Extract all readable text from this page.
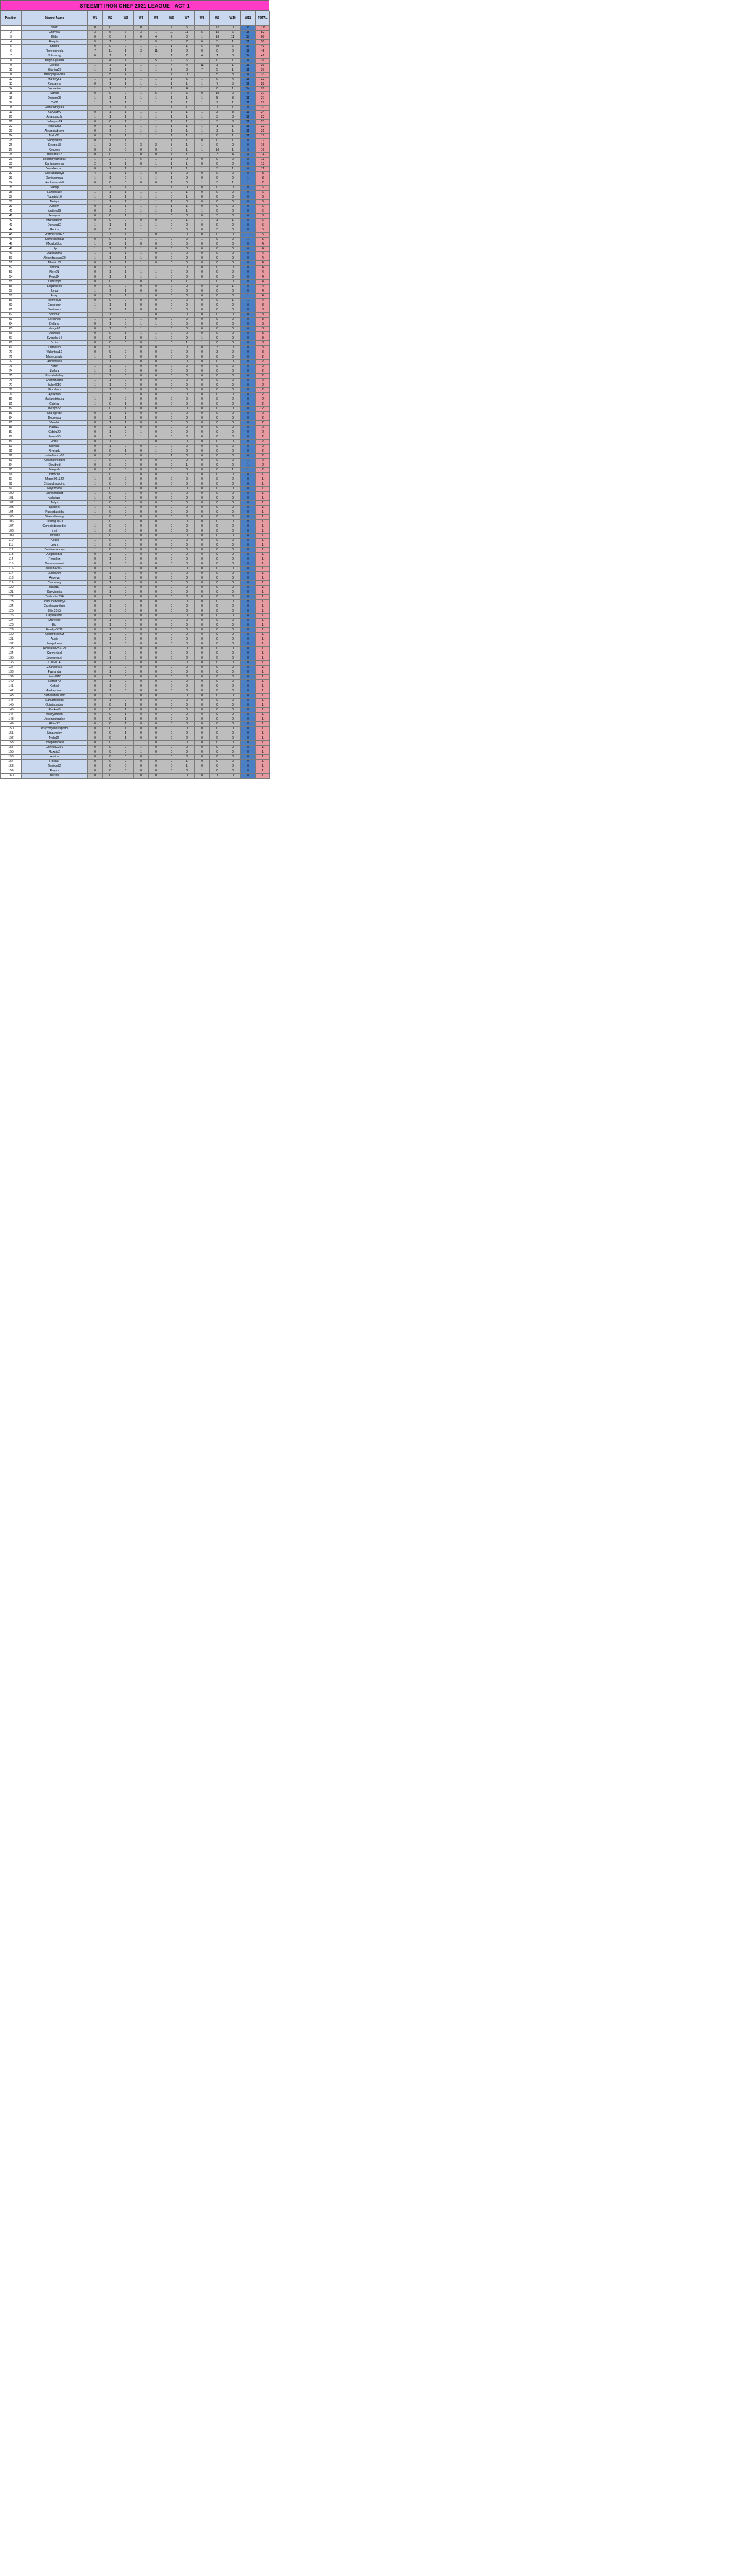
STEEMIT IRON CHEF 2021 LEAGUE - ACT 1
Position	Steemit Name	W1	W2	W3	W4	W5	W6	W7	W8	W9	W10	W11	TOTAL
1	Niven	11	11	11	11	7	7	5	7	12	11	15	108
2	Crisvera	3	6	6	3	1	11	11	5	15	6	15	82
3	Elide	0	0	7	6	4	2	0	1	10	11	17	60
4	Roquiro	5	1	5	1	5	5	7	6	3	1	11	50
5	Sithara	0	0	0	1	1	1	1	6	20	6	13	49
6	Reneepineda	7	11	1	3	11	1	0	0	0	0	11	45
7	Yolimarag	6	1	1	1	1	1	7	4	1	3	14	42
8	Brigida-guerra	1	4	1	7	5	2	6	1	0	1	11	39
9	Joelgui	1	1	1	1	1	4	4	11	3	1	11	39
10	Elianisa09	1	1	1	1	1	2	8	7	5	1	11	37
11	Heedysguevara	1	5	4	1	1	1	0	1	5	3	11	33
12	Marcelys1	1	1	1	1	1	1	5	1	0	4	18	32
13	Rossanna	0	1	1	1	1	1	1	1	7	5	11	28
14	Decuartae	1	1	3	1	1	1	4	1	0	1	14	28
15	Sanuri	0	0	0	1	5	6	5	0	10	0	0	27
16	Dulcem05	1	1	1	1	1	1	1	1	5	3	11	27
17	Yri02	1	1	1	1	1	1	1	1	7	1	11	27
18	Petrarodriguez	1	1	1	1	1	1	1	1	7	1	11	27
19	Karykathy	0	1	1	1	1	1	1	1	3	8	11	24
20	Anandavzla	1	1	1	1	1	1	1	1	3	3	11	23
21	Jobreyes24	0	0	1	1	1	1	1	1	3	3	11	23
22	Irene1983	0	1	1	1	1	1	1	1	1	1	11	22
23	Alejandrabravo	0	1	0	1	1	1	1	1	3	1	11	21
24	Naka05	0	1	1	1	1	1	1	1	0	1	11	19
25	Samynathy	0	1	1	1	1	1	1	0	0	1	11	17
26	Kejopo13	1	3	2	3	2	3	1	1	0	0	0	16
27	Keydoce	0	0	0	0	0	0	1	1	10	1	3	16
28	Beautiful12	0	0	0	0	0	1	1	1	3	4	4	14
29	Rosmerysanchez	1	2	2	6	1	1	0	0	0	0	0	13
30	Karianaporras	2	1	1	6	1	1	1	0	0	0	0	13
31	Yonalkeruso	0	1	1	1	1	1	1	1	3	1	0	11
32	Chetanpadliya	4	1	1	1	0	1	0	0	0	0	0	8
33	Denissemata	1	1	2	1	1	1	0	0	0	0	1	8
34	Andreinasub9	0	0	0	0	0	1	0	1	3	1	1	7
35	Sabrip	1	1	1	1	1	1	0	0	0	0	0	6
36	Luzdelvalle	1	1	1	1	1	0	1	0	0	0	0	6
37	Yudetsis16	1	1	1	1	1	0	1	0	0	0	0	6
38	Meivys	1	1	1	1	1	1	0	0	0	0	0	6
39	Astilem	0	1	1	1	1	1	1	0	0	0	0	6
40	Andrea89	0	1	0	1	1	1	1	1	0	0	0	6
41	Jennyzer	0	0	1	1	1	0	0	0	3	0	0	6
42	Maricorbeth	0	0	0	0	0	0	1	1	3	1	0	6
43	Dayana82	1	1	1	1	1	0	0	0	0	0	0	5
44	Genice	0	0	1	1	1	0	0	0	3	0	0	5
45	Franciscana23	1	1	1	1	0	0	0	0	0	0	1	5
46	Kumikosenpai	0	0	1	1	1	0	0	1	0	0	1	5
47	Midulceblog	1	2	1	0	0	0	0	0	0	0	0	4
48	Lilip	1	1	1	1	0	0	0	0	0	0	0	4
49	Auxiliadora	1	1	1	1	0	0	0	0	0	0	0	4
50	Alejandrasalas20	1	1	1	1	0	0	0	0	0	0	0	4
51	Marivic10	0	1	1	1	0	0	0	0	0	0	0	4
52	Yibril84	0	1	1	1	1	0	0	0	0	0	0	4
53	Nore21	0	1	1	1	1	0	0	0	0	0	0	4
54	Pepo84	0	1	1	1	1	0	0	0	0	0	0	4
55	Denismyt	0	0	0	0	1	1	1	1	0	0	0	4
56	Edgarale80	0	0	0	0	0	0	0	0	3	1	0	4
57	Jorqui	1	1	1	0	0	0	0	0	0	0	0	4
58	Analp	0	1	1	1	0	0	0	0	0	0	1	4
59	Romelli05	0	0	0	0	0	0	0	0	0	1	1	4
60	Graceleon	1	1	1	0	0	0	0	0	0	0	0	3
61	Oneldoors	1	1	1	0	0	0	0	0	0	0	0	3
62	Sonimar	1	1	0	1	0	0	0	0	0	0	0	3
63	Lorennys	1	1	0	1	0	0	0	0	0	0	0	3
64	Bellana	0	1	0	1	1	0	0	0	0	0	0	3
65	Marge62	0	1	0	1	1	0	0	0	0	0	0	3
66	Jsamael	0	0	1	1	1	0	0	0	0	0	0	3
67	Evasolar14	0	0	1	0	1	0	0	1	0	0	0	3
68	Drhira	0	0	0	0	1	0	1	1	0	0	0	3
69	Danielish	0	0	0	0	0	0	0	0	3	0	0	3
70	Valentina10	0	0	0	0	0	0	0	0	3	0	0	3
71	Mayepariata	1	1	0	0	0	0	0	0	0	0	0	2
72	Annwiswell	1	1	0	0	0	0	0	0	0	0	0	2
73	Njireh	1	1	0	0	0	0	0	0	0	0	0	2
74	Zorlara	1	1	0	0	0	0	0	0	0	0	0	2
75	Korsahshirley	1	1	0	0	0	0	0	0	0	0	0	2
76	Sharifanamin	1	1	0	0	0	0	0	0	0	0	0	2
77	Zulay7059	1	1	0	0	0	0	0	0	0	0	0	2
78	Fiorellam	1	1	0	0	0	0	0	0	0	0	0	2
79	Ajosefina	1	1	0	0	0	0	0	0	0	0	0	2
80	Mariarodriguez	1	1	0	0	0	0	0	0	0	0	0	2
81	Caleiny	1	0	1	0	0	0	0	0	0	0	0	2
82	Betsyb22	1	0	1	0	0	0	0	0	0	0	0	2
83	Dra.kgerde	0	1	1	0	0	0	0	0	0	0	0	2
84	Dobleapg	0	1	1	0	0	0	0	0	0	0	0	2
85	Vanelol	0	1	1	0	0	0	0	0	0	0	0	2
86	Kami19	0	1	1	0	0	0	0	0	0	0	0	2
87	Gabiru20	0	1	0	1	0	0	0	0	0	0	0	2
88	Josem50	0	1	0	1	0	0	0	0	0	0	0	2
89	Enma	0	1	0	1	0	0	0	0	0	0	0	2
90	Maypau	0	1	0	0	1	0	0	0	0	0	0	2
91	Riveradc	0	0	1	0	1	0	0	0	0	0	0	2
92	Isabelfrancis28	0	0	0	0	1	1	0	0	0	0	0	2
93	Alexanderodulfo	1	0	0	0	0	0	0	0	0	0	1	2
94	Davidrod	0	0	0	0	0	0	1	0	0	0	1	2
95	Margoth	0	0	0	0	0	0	0	0	0	1	1	2
96	Yahncito	1	0	0	0	0	0	0	0	0	0	0	1
97	Miguel001122	1	0	0	0	0	0	0	0	0	0	0	1
98	Crisandragudino	1	0	0	0	0	0	0	0	0	0	0	1
99	Nayromero	1	0	0	0	0	0	0	0	0	0	0	1
100	Danicordellat	1	0	0	0	0	0	0	0	0	0	0	1
101	Karla-jaen	1	0	0	0	0	0	0	0	0	0	0	1
102	Jefqui	1	0	0	0	0	0	0	0	0	0	0	1
103	Scarleet	1	0	0	0	0	0	0	0	0	0	0	1
104	Pastorbastida	1	0	0	0	0	0	0	0	0	0	0	1
105	Steemitbeauty	1	0	0	0	0	0	0	0	0	0	0	1
106	Luismiguel23	1	0	0	0	0	0	0	0	0	0	0	1
107	Genesisdeguedes	1	0	0	0	0	0	0	0	0	0	0	1
108	Inmi	1	0	0	0	0	0	0	0	0	0	0	1
109	Danielb2	1	0	0	0	0	0	0	0	0	0	0	1
110	Yurasil	1	0	0	0	0	0	0	0	0	0	0	1
111	Leight	1	0	0	0	0	0	0	0	0	0	0	1
112	Desireepadrino	1	0	0	0	0	0	0	0	0	0	0	1
113	Angdavid21	0	1	0	0	0	0	0	0	0	0	0	1
114	Ferrerloz	0	1	0	0	0	0	0	0	0	0	0	1
115	Nahumsamuel	0	1	0	0	0	0	0	0	0	0	0	1
116	Wiliana2707	0	1	0	0	0	0	0	0	0	0	0	1
117	Eumelysm	0	1	0	0	0	0	0	0	0	0	0	1
118	Angelva	0	1	0	0	0	0	0	0	0	0	0	1
119	Carrionely	0	1	0	0	0	0	0	0	0	0	0	1
120	Idalia87	0	1	0	0	0	0	0	0	0	0	0	1
121	Darivictoria	0	1	0	0	0	0	0	0	0	0	0	1
122	Tanhunter254	0	1	0	0	0	0	0	0	0	0	0	1
123	Joaquin.montoya	0	1	0	0	0	0	0	0	0	0	0	1
124	Carolinacardoza	0	1	0	0	0	0	0	0	0	0	0	1
125	Hjjm2015	0	1	0	0	0	0	0	0	0	0	0	1
126	Daysiselena	0	1	0	0	0	0	0	0	0	0	0	1
127	Marielele	0	1	0	0	0	0	0	0	0	0	0	1
128	Eig	0	1	0	0	0	0	0	0	0	0	0	1
129	Karelys5318	0	1	0	0	0	0	0	0	0	0	0	1
130	Alexandracruz	0	1	0	0	0	0	0	0	0	0	0	1
131	Auryjr	0	1	0	0	0	0	0	0	0	0	0	1
132	Meryalmea	0	1	0	0	0	0	0	0	0	0	0	1
133	Richeleon232729	0	1	0	0	0	0	0	0	0	0	0	1
134	Carmenleal	0	1	0	0	0	0	0	0	0	0	0	1
135	Josegregori	0	1	0	0	0	0	0	0	0	0	0	1
136	Ciru2014	0	1	0	0	0	0	0	0	0	0	0	1
137	Zhanavic69	0	1	0	0	0	0	0	0	0	0	0	1
138	Fwinanda	0	1	0	0	0	0	0	0	0	0	0	1
139	Liosv1910	0	1	0	0	0	0	0	0	0	0	0	1
140	Luimer79	0	1	0	0	0	0	0	0	0	0	0	1
141	Gehiel	0	1	0	0	0	0	0	0	0	0	0	1
142	Andreyohari	0	1	0	0	0	0	0	0	0	0	0	1
143	Barbarariobueno	0	1	0	0	0	0	0	0	0	0	0	1
144	Kanuprecious	0	1	0	0	0	0	0	0	0	0	0	1
145	Quintinbarber	0	0	1	0	0	0	0	0	0	0	0	1
146	Rankari6	0	0	1	0	0	0	0	0	0	0	0	1
147	Yackylondon	0	0	1	0	0	0	0	0	0	0	0	1
148	Josemgonzalez	0	0	1	0	0	0	0	0	0	0	0	1
149	Rhina27	0	0	1	0	0	0	0	0	0	0	0	1
150	Psychogenesisprato	0	0	1	0	0	0	0	0	0	0	0	1
151	Ninachejov	0	0	1	0	0	0	0	0	0	0	0	1
152	Noha26	0	0	1	0	0	0	0	0	0	0	0	1
153	Josephdaniela	0	0	0	1	0	0	0	0	0	0	0	1
154	Genesis2301	0	0	0	1	0	0	0	0	0	0	0	1
155	Roxalis2	0	0	0	1	0	0	0	0	0	0	0	1
156	A-alice	0	0	0	0	1	0	0	0	0	0	0	1
157	Rosinat	0	0	0	0	0	0	1	0	0	0	0	1
158	Rosirys52	0	0	0	0	0	0	1	0	0	0	0	1
159	Reycor	0	0	0	0	0	0	0	1	0	0	0	1
160	Betsay	0	0	0	0	0	0	0	0	1	0	0	1
